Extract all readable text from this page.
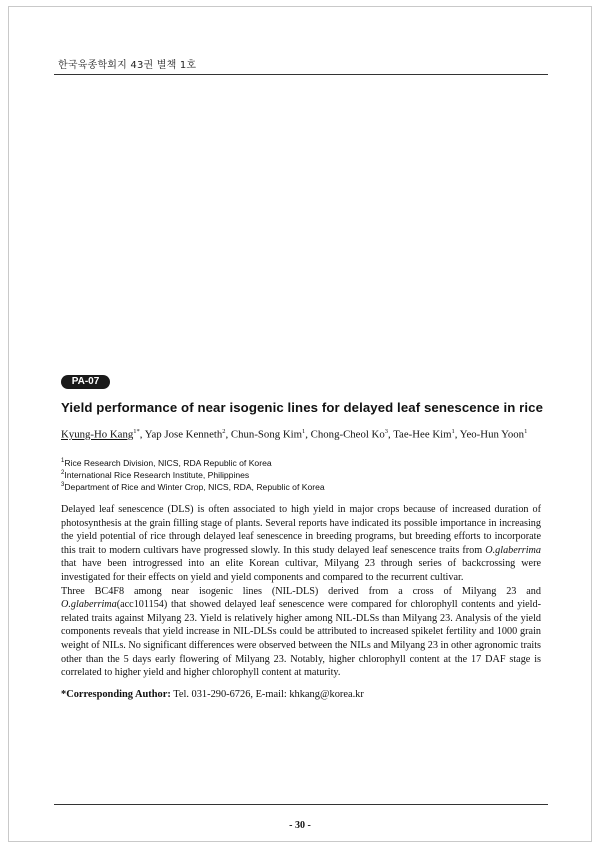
한국육종학회지 43권 별책 1호
PA-07
Yield performance of near isogenic lines for delayed leaf senescence in rice
Kyung-Ho Kang$^{1*}$, Yap Jose Kenneth$^2$, Chun-Song Kim$^1$, Chong-Cheol Ko$^3$, Tae-Hee Kim$^1$, Yeo-Hun Yoon$^1$
$^1$Rice Research Division, NICS, RDA Republic of Korea
$^2$International Rice Research Institute, Philippines
$^3$Department of Rice and Winter Crop, NICS, RDA, Republic of Korea

Delayed leaf senescence (DLS) is often associated to high yield in major crops because of increased duration of photosynthesis at the grain filling stage of plants. Several reports have indicated its possible importance in increasing the yield potential of rice through delayed leaf senescence in breeding programs, but breeding efforts to incorporate this trait to modern cultivars have progressed slowly. In this study delayed leaf senescence traits from O.glaberrima that have been introgressed into an elite Korean cultivar, Milyang 23 through series of backcrossing were investigated for their effects on yield and yield components and compared to the recurrent cultivar.

Three BC4F8 among near isogenic lines (NIL-DLS) derived from a cross of Milyang 23 and O.glaberrima(acc101154) that showed delayed leaf senescence were compared for chlorophyll contents and yield-related traits against Milyang 23. Yield is relatively higher among NIL-DLSs than Milyang 23. Analysis of the yield components reveals that yield increase in NIL-DLSs could be attributed to increased spikelet fertility and 1000 grain weight of NILs. No significant differences were observed between the NILs and Milyang 23 in other agronomic traits other than the 5 days early flowering of Milyang 23. Notably, higher chlorophyll content at the 17 DAF stage is correlated to higher yield and higher chlorophyll content at maturity.

*Corresponding Author: Tel. 031-290-6726, E-mail: khkang@korea.kr
- 30 -
